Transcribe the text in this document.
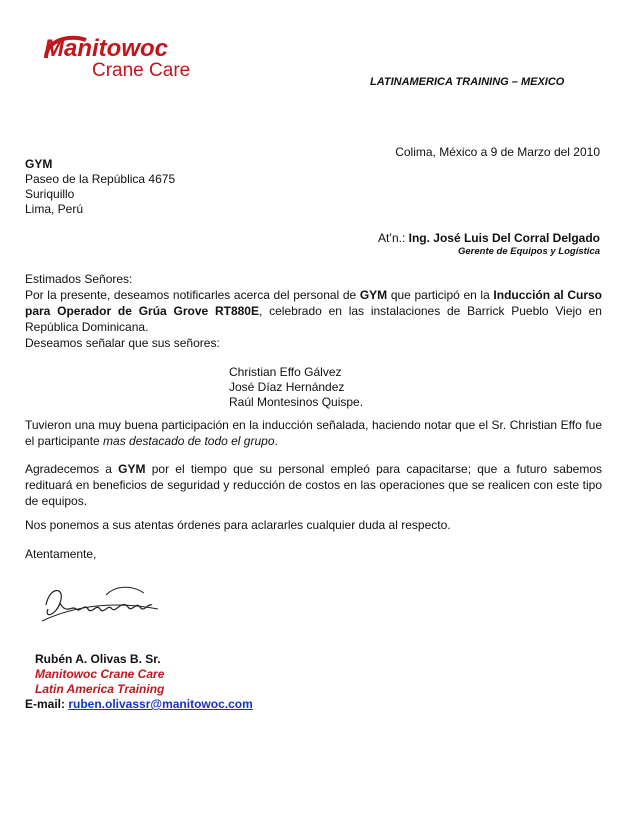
Manitowoc
Crane Care
LATINAMERICA TRAINING – MEXICO
Colima, México a 9 de Marzo del 2010
GYM
Paseo de la República 4675
Suriquillo
Lima, Perú
At’n.: Ing. José Luis Del Corral Delgado
Gerente de Equipos y Logística
Estimados Señores:
Por la presente, deseamos notificarles acerca del personal de GYM que participó en la Inducción al Curso para Operador de Grúa Grove RT880E, celebrado en las instalaciones de Barrick Pueblo Viejo en República Dominicana.
Deseamos señalar que sus señores:
Christian Effo Gálvez
José Díaz Hernández
Raúl Montesinos Quispe.
Tuvieron una muy buena participación en la inducción señalada, haciendo notar que el Sr. Christian Effo fue el participante mas destacado de todo el grupo.
Agradecemos a GYM por el tiempo que su personal empleó para capacitarse; que a futuro sabemos redituará en beneficios de seguridad y reducción de costos en las operaciones que se realicen con este tipo de equipos.
Nos ponemos a sus atentas órdenes para aclararles cualquier duda al respecto.
Atentamente,
Rubén A. Olivas B. Sr.
Manitowoc Crane Care
Latin America Training
E-mail: ruben.olivassr@manitowoc.com
